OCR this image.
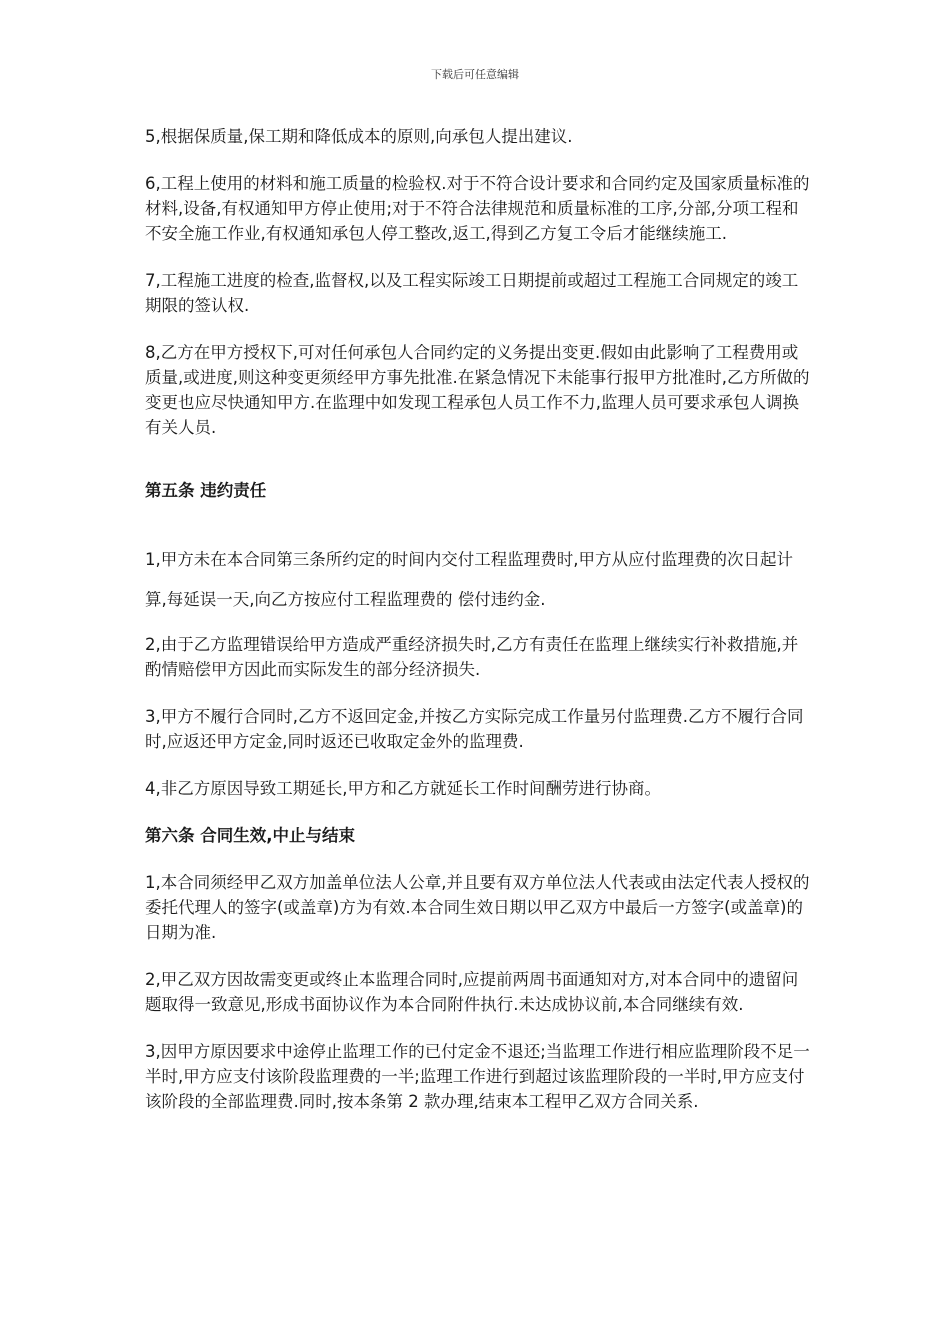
下载后可任意编辑

5,根据保质量,保工期和降低成本的原则,向承包人提出建议.

6,工程上使用的材料和施工质量的检验权.对于不符合设计要求和合同约定及国家质量标准的材料,设备,有权通知甲方停止使用;对于不符合法律规范和质量标准的工序,分部,分项工程和不安全施工作业,有权通知承包人停工整改,返工,得到乙方复工令后才能继续施工.

7,工程施工进度的检查,监督权,以及工程实际竣工日期提前或超过工程施工合同规定的竣工期限的签认权.

8,乙方在甲方授权下,可对任何承包人合同约定的义务提出变更.假如由此影响了工程费用或质量,或进度,则这种变更须经甲方事先批准.在紧急情况下未能事行报甲方批准时,乙方所做的变更也应尽快通知甲方.在监理中如发现工程承包人员工作不力,监理人员可要求承包人调换有关人员.

第五条 违约责任

1,甲方未在本合同第三条所约定的时间内交付工程监理费时,甲方从应付监理费的次日起计算,每延误一天,向乙方按应付工程监理费的 偿付违约金.

2,由于乙方监理错误给甲方造成严重经济损失时,乙方有责任在监理上继续实行补救措施,并酌情赔偿甲方因此而实际发生的部分经济损失.

3,甲方不履行合同时,乙方不返回定金,并按乙方实际完成工作量另付监理费.乙方不履行合同时,应返还甲方定金,同时返还已收取定金外的监理费.

4,非乙方原因导致工期延长,甲方和乙方就延长工作时间酬劳进行协商。

第六条 合同生效,中止与结束

1,本合同须经甲乙双方加盖单位法人公章,并且要有双方单位法人代表或由法定代表人授权的委托代理人的签字(或盖章)方为有效.本合同生效日期以甲乙双方中最后一方签字(或盖章)的日期为准.

2,甲乙双方因故需变更或终止本监理合同时,应提前两周书面通知对方,对本合同中的遗留问题取得一致意见,形成书面协议作为本合同附件执行.未达成协议前,本合同继续有效.

3,因甲方原因要求中途停止监理工作的已付定金不退还;当监理工作进行相应监理阶段不足一半时,甲方应支付该阶段监理费的一半;监理工作进行到超过该监理阶段的一半时,甲方应支付该阶段的全部监理费.同时,按本条第 2 款办理,结束本工程甲乙双方合同关系.
